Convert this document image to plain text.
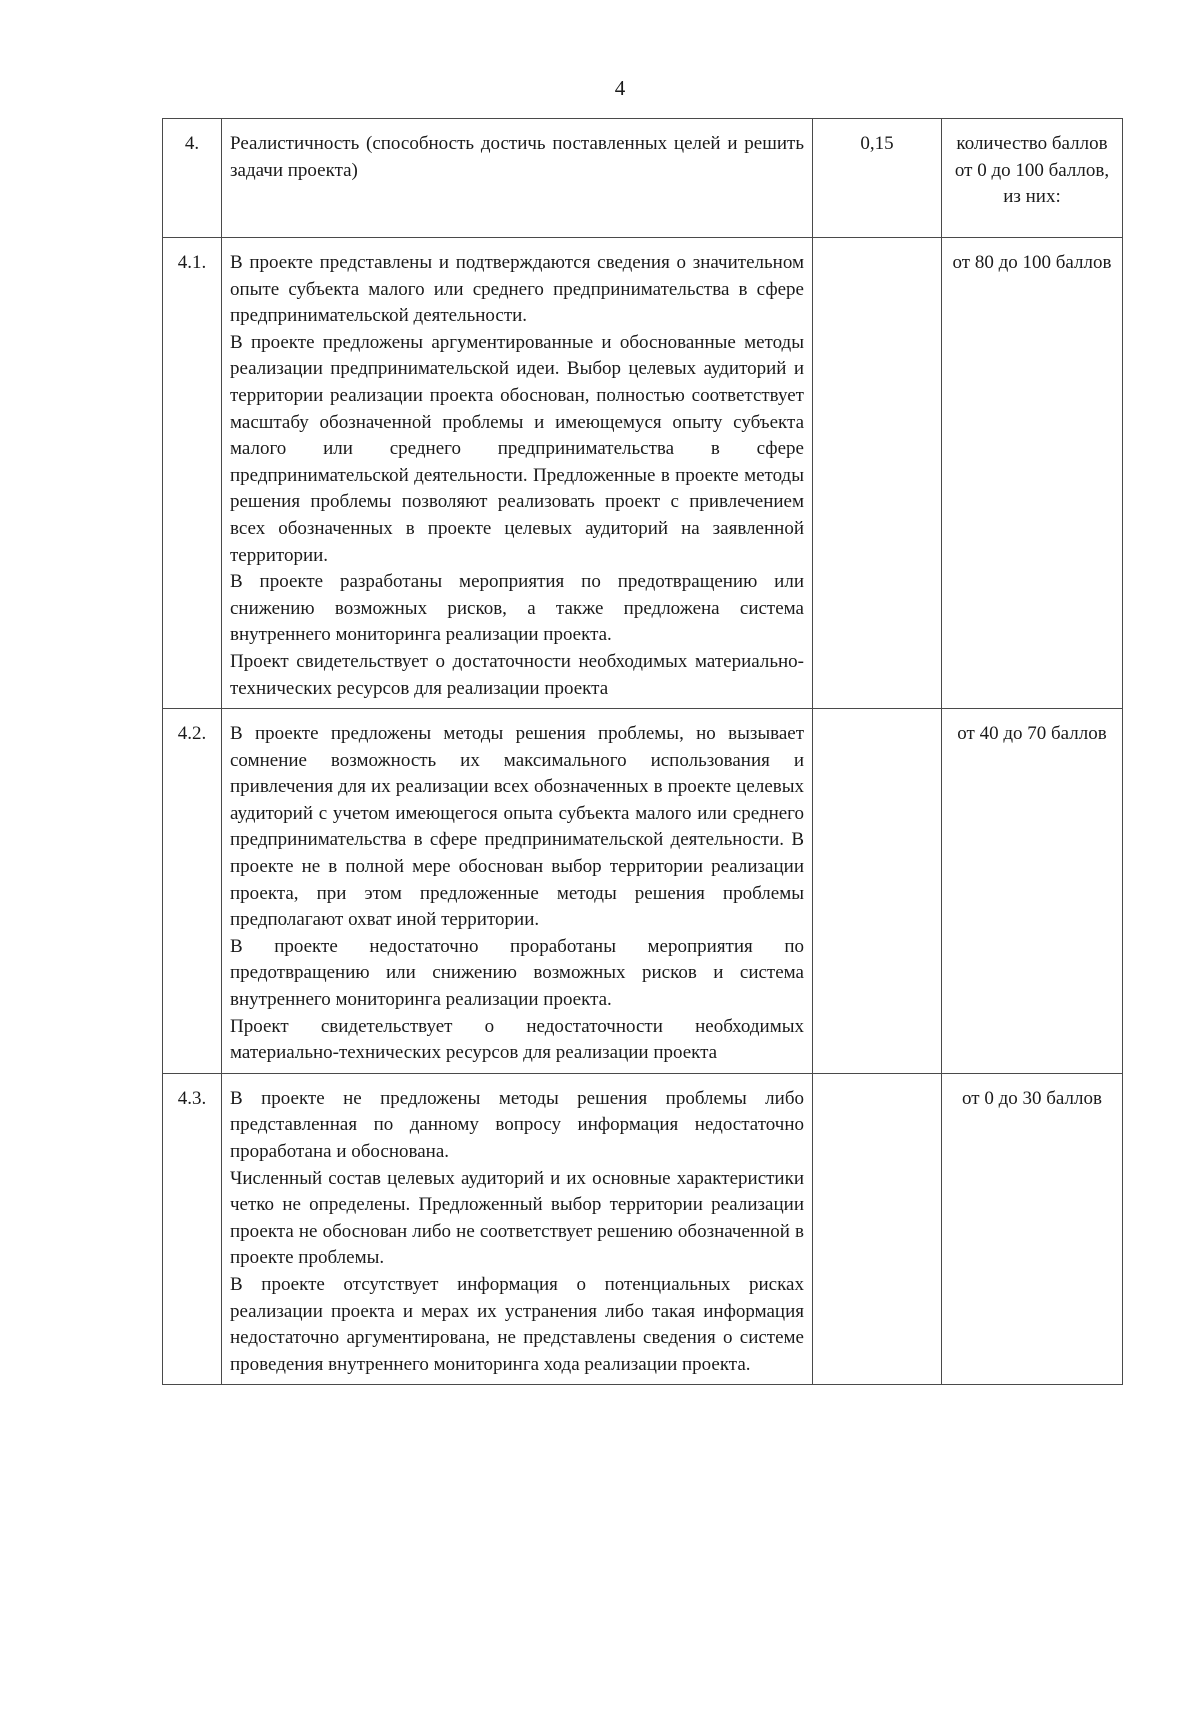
4
4.	Реалистичность (способность достичь поставленных целей и решить задачи проекта)	0,15	количество баллов от 0 до 100 баллов, из них:
4.1.	В проекте представлены и подтверждаются сведения о значительном опыте субъекта малого или среднего предпринимательства в сфере предпринимательской деятельности.

В проекте предложены аргументированные и обоснованные методы реализации предпринимательской идеи. Выбор целевых аудиторий и территории реализации проекта обоснован, полностью соответствует масштабу обозначенной проблемы и имеющемуся опыту субъекта малого или среднего предпринимательства в сфере предпринимательской деятельности. Предложенные в проекте методы решения проблемы позволяют реализовать проект с привлечением всех обозначенных в проекте целевых аудиторий на заявленной территории.

В проекте разработаны мероприятия по предотвращению или снижению возможных рисков, а также предложена система внутреннего мониторинга реализации проекта.

Проект свидетельствует о достаточности необходимых материально-технических ресурсов для реализации проекта		от 80 до 100 баллов
4.2.	В проекте предложены методы решения проблемы, но вызывает сомнение возможность их максимального использования и привлечения для их реализации всех обозначенных в проекте целевых аудиторий с учетом имеющегося опыта субъекта малого или среднего предпринимательства в сфере предпринимательской деятельности. В проекте не в полной мере обоснован выбор территории реализации проекта, при этом предложенные методы решения проблемы предполагают охват иной территории.

В проекте недостаточно проработаны мероприятия по предотвращению или снижению возможных рисков и система внутреннего мониторинга реализации проекта.

Проект свидетельствует о недостаточности необходимых материально-технических ресурсов для реализации проекта		от 40 до 70 баллов
4.3.	В проекте не предложены методы решения проблемы либо представленная по данному вопросу информация недостаточно проработана и обоснована.

Численный состав целевых аудиторий и их основные характеристики четко не определены. Предложенный выбор территории реализации проекта не обоснован либо не соответствует решению обозначенной в проекте проблемы.

В проекте отсутствует информация о потенциальных рисках реализации проекта и мерах их устранения либо такая информация недостаточно аргументирована, не представлены сведения о системе проведения внутреннего мониторинга хода реализации проекта.		от 0 до 30 баллов
